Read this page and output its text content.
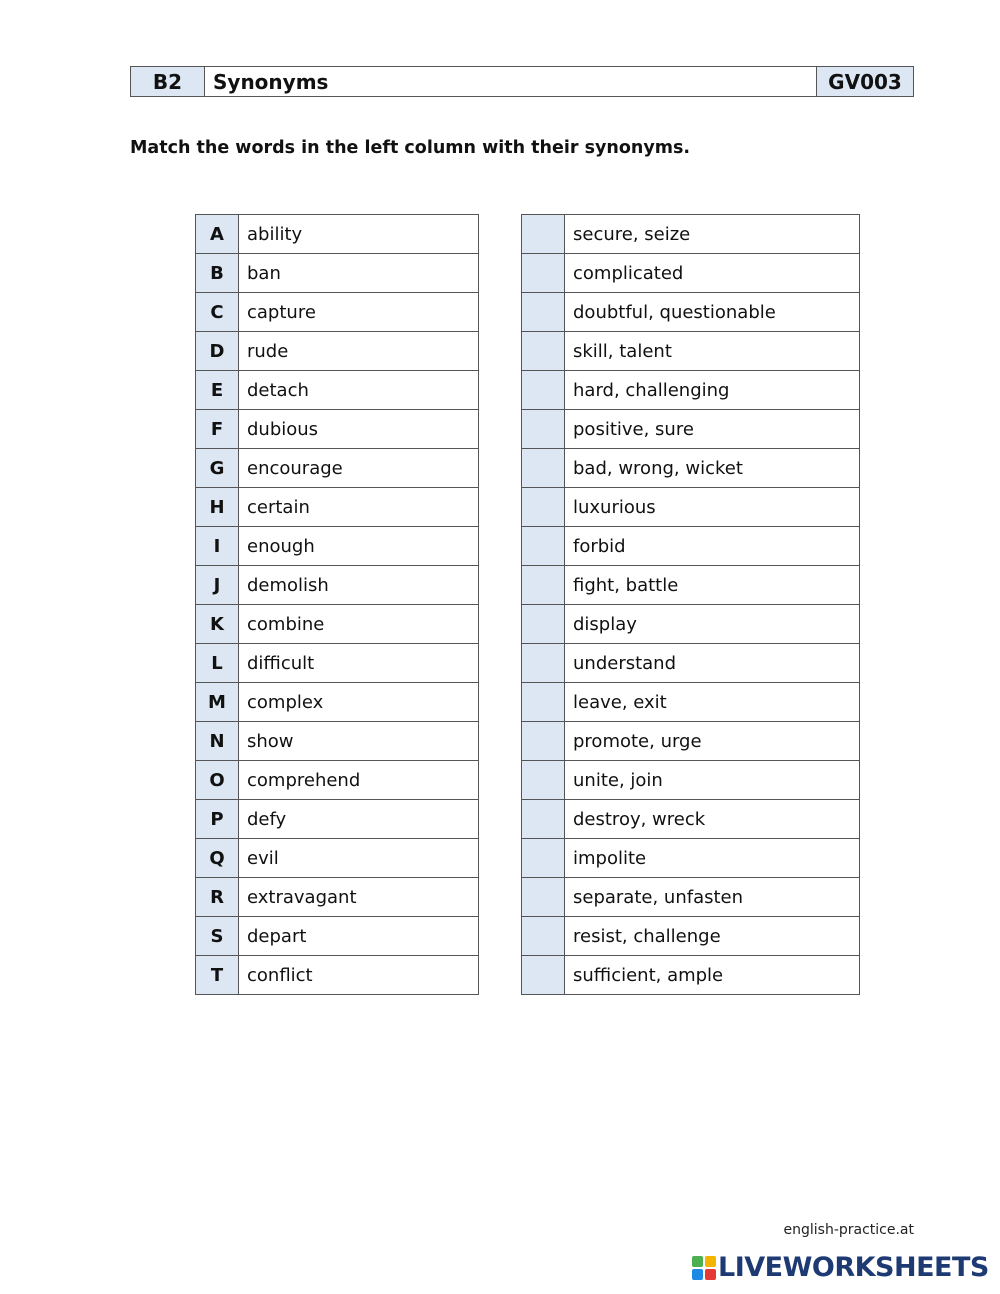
B2	Synonyms	GV003
Match the words in the left column with their synonyms.
A	ability
B	ban
C	capture
D	rude
E	detach
F	dubious
G	encourage
H	certain
I	enough
J	demolish
K	combine
L	difficult
M	complex
N	show
O	comprehend
P	defy
Q	evil
R	extravagant
S	depart
T	conflict
	secure, seize
	complicated
	doubtful, questionable
	skill, talent
	hard, challenging
	positive, sure
	bad, wrong, wicket
	luxurious
	forbid
	fight, battle
	display
	understand
	leave, exit
	promote, urge
	unite, join
	destroy, wreck
	impolite
	separate, unfasten
	resist, challenge
	sufficient, ample
english-practice.at
LIVEWORKSHEETS
